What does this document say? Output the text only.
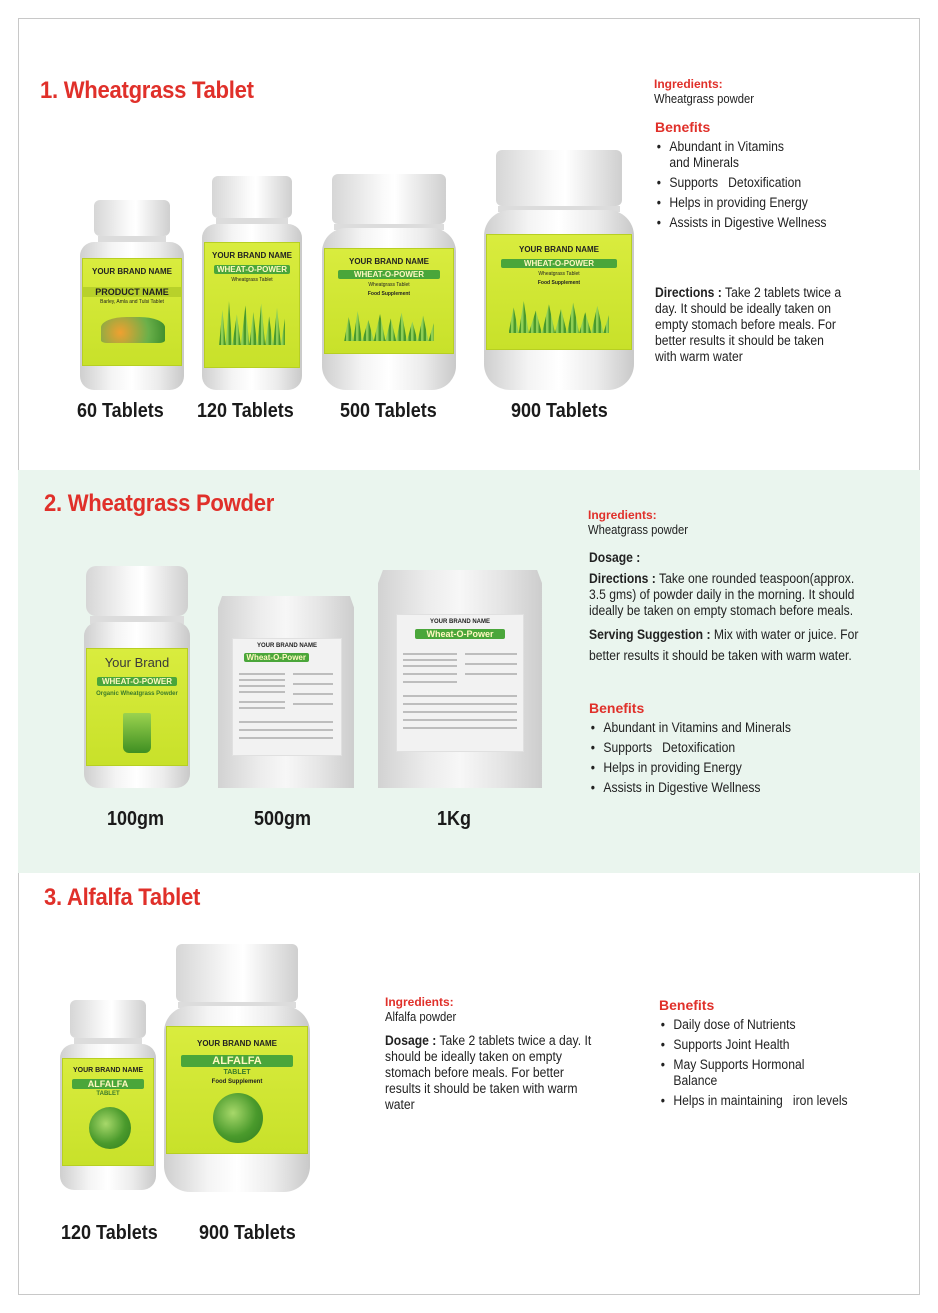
1. Wheatgrass Tablet
YOUR BRAND NAME
PRODUCT NAME
Barley, Amla and Tulsi Tablet
YOUR BRAND NAME
WHEAT-O-POWER
Wheatgrass Tablet
YOUR BRAND NAME
WHEAT-O-POWER
Wheatgrass Tablet
Food Supplement
YOUR BRAND NAME
WHEAT-O-POWER
Wheatgrass Tablet
Food Supplement
60 Tablets 120 Tablets 500 Tablets	900 Tablets
Ingredients:
Wheatgrass powder
Benefits
• Abundant in Vitamins and Minerals
• Supports   Detoxification
• Helps in providing Energy
• Assists in Digestive Wellness
Directions : Take 2 tablets twice a day. It should be ideally taken on empty stomach before meals. For better results it should be taken with warm water
2. Wheatgrass Powder
Your Brand
WHEAT-O-POWER
Organic Wheatgrass Powder
YOUR BRAND NAME
Wheat-O-Power
YOUR BRAND NAME
Wheat-O-Power
100gm	500gm	1Kg
Ingredients:
Wheatgrass powder
Dosage :
Directions : Take one rounded teaspoon(approx. 3.5 gms) of powder daily in the morning. It should ideally be taken on empty stomach before meals.
Serving Suggestion : Mix with water or juice. For better results it should be taken with warm water.
Benefits
• Abundant in Vitamins and Minerals
• Supports   Detoxification
• Helps in providing Energy
• Assists in Digestive Wellness
3. Alfalfa Tablet
YOUR BRAND NAME
ALFALFA
TABLET
YOUR BRAND NAME
ALFALFA
TABLET
Food Supplement
120 Tablets 900 Tablets
Ingredients:
Alfalfa powder
Dosage : Take 2 tablets twice a day. It should be ideally taken on empty stomach before meals. For better results it should be taken with warm water
Benefits
• Daily dose of Nutrients
• Supports Joint Health
• May Supports Hormonal Balance
• Helps in maintaining   iron levels
